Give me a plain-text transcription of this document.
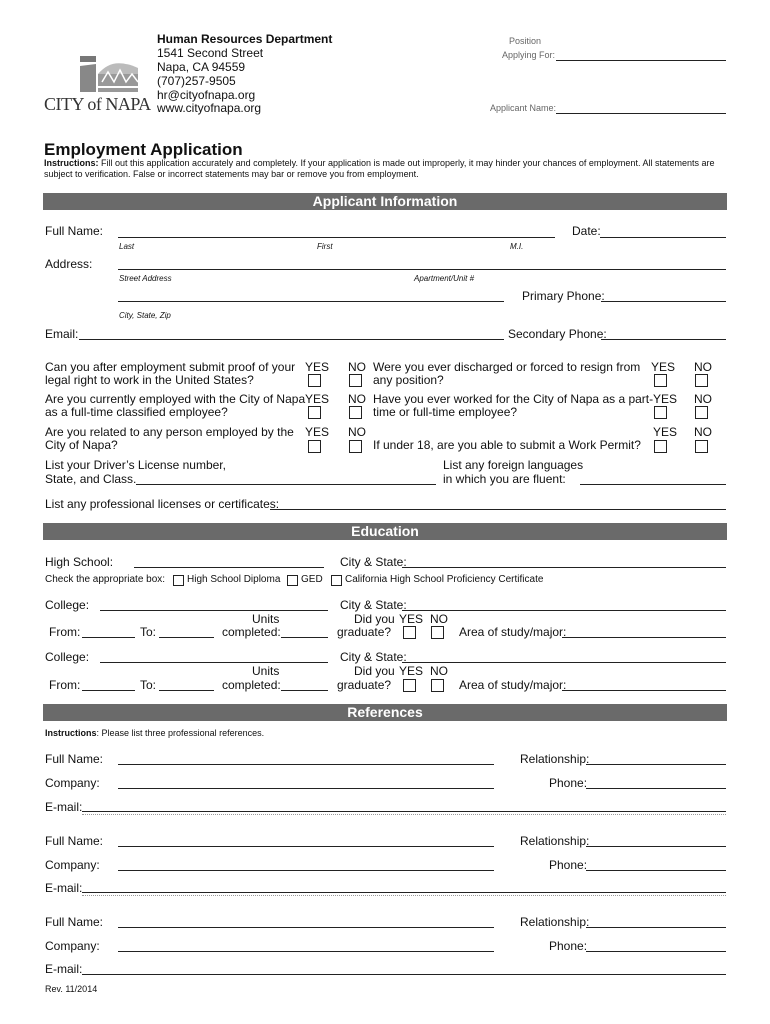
CITY of NAPA
Human Resources Department
1541 Second Street
Napa, CA 94559
(707)257-9505
hr@cityofnapa.org
www.cityofnapa.org
Position
Applying For:
Applicant Name:
Employment Application
Instructions: Fill out this application accurately and completely. If your application is made out improperly, it may hinder your chances of employment. All statements are
subject to verification. False or incorrect statements may bar or remove you from employment.
Applicant Information
Full Name:	Date:
Last	First	M.I.
Address:
Street Address	Apartment/Unit #
Primary Phone:
City, State, Zip
Email:	Secondary Phone:
Can you after employment submit proof of your
legal right to work in the United States?
YES NO
Are you currently employed with the City of Napa
as a full-time classified employee?
YES NO
Are you related to any person employed by the
City of Napa?
YES NO
Were you ever discharged or forced to resign from
any position?
YES NO
Have you ever worked for the City of Napa as a part-
time or full-time employee?
YES NO
If under 18, are you able to submit a Work Permit?
YES NO
List your Driver’s License number,
State, and Class.
List any foreign languages
in which you are fluent:
List any professional licenses or certificates:
Education
High School:	City & State:
Check the appropriate box: High School Diploma GED California High School Proficiency Certificate
College:	City & State:
Units
completed:
From:	To:
Did you YES NO
graduate?	Area of study/major:
College:	City & State:
Units
completed:
From:	To:
Did you YES NO
graduate?	Area of study/major:
References
Instructions: Please list three professional references.
Full Name:	Relationship:
Company:	Phone:
E-mail:
Full Name:	Relationship:
Company:	Phone:
E-mail:
Full Name:	Relationship:
Company:	Phone:
E-mail:
Rev. 11/2014
